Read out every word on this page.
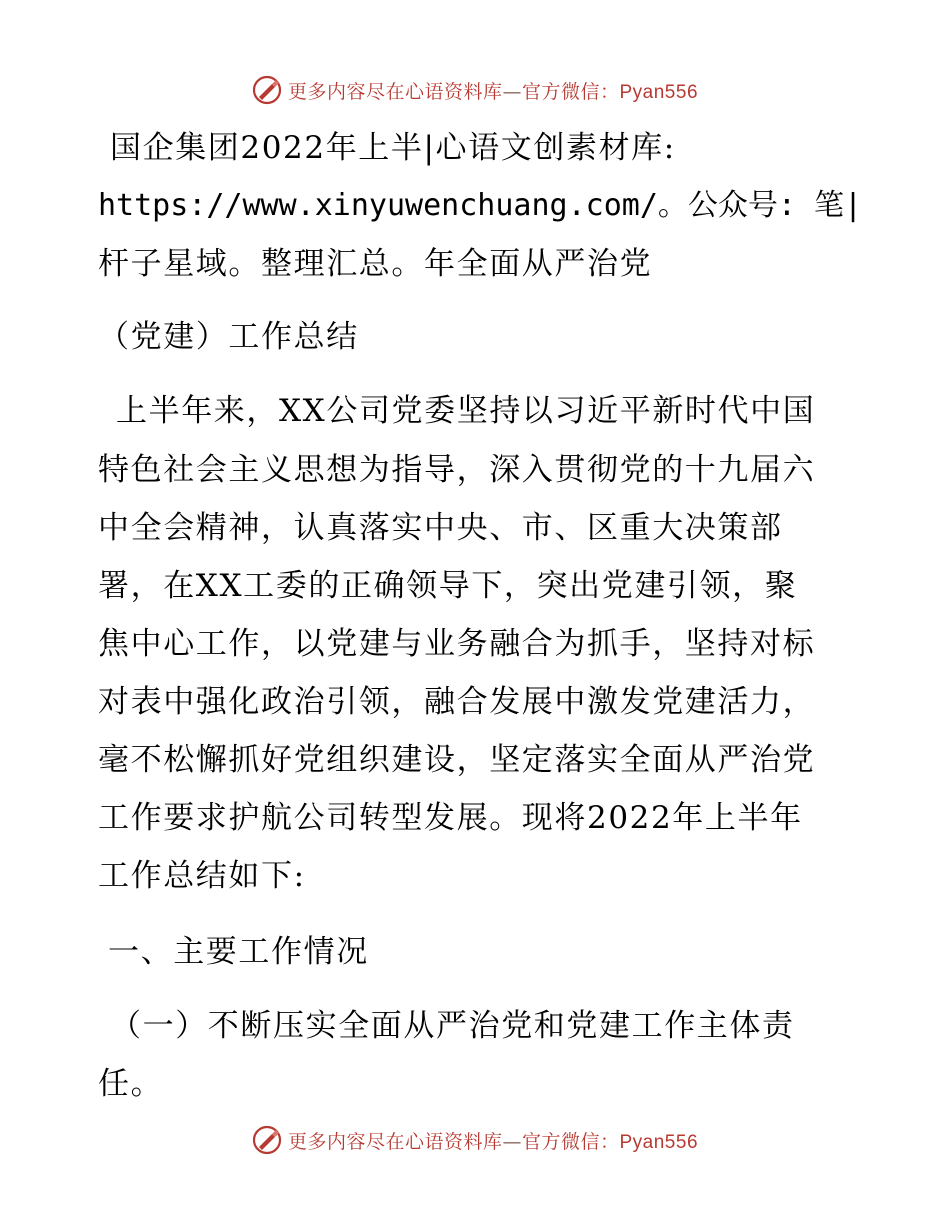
更多内容尽在心语资料库—官方微信：Pyan556
国企集团2022年上半|心语文创素材库:
https://www.xinyuwenchuang.com/。公众号: 笔|
杆子星域。整理汇总。年全面从严治党
（党建）工作总结
上半年来，XX公司党委坚持以习近平新时代中国
特色社会主义思想为指导，深入贯彻党的十九届六
中全会精神，认真落实中央、市、区重大决策部
署，在XX工委的正确领导下，突出党建引领，聚
焦中心工作，以党建与业务融合为抓手，坚持对标
对表中强化政治引领，融合发展中激发党建活力，
毫不松懈抓好党组织建设，坚定落实全面从严治党
工作要求护航公司转型发展。现将2022年上半年
工作总结如下:
一、主要工作情况
（一）不断压实全面从严治党和党建工作主体责
任。
更多内容尽在心语资料库—官方微信：Pyan556
